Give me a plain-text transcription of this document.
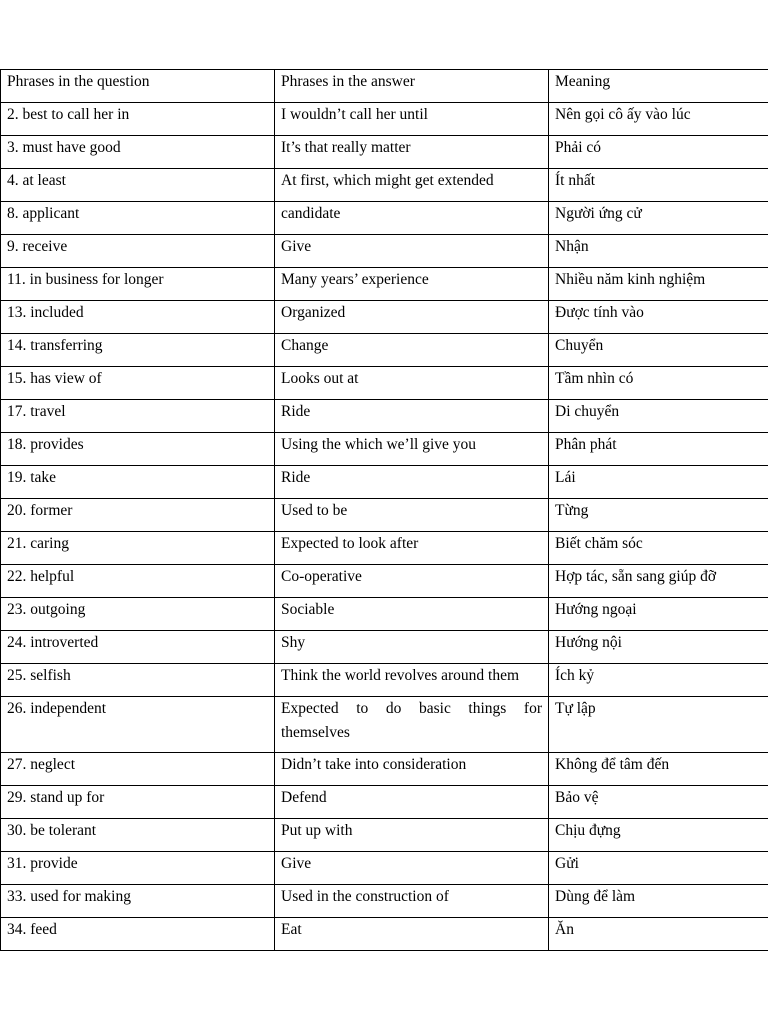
Phrases in the question	Phrases in the answer	Meaning
2. best to call her in	I wouldn’t call her until	Nên gọi cô ấy vào lúc
3. must have good	It’s that really matter	Phải có
4. at least	At first, which might get extended	Ít nhất
8. applicant	candidate	Người ứng cử
9. receive	Give	Nhận
11. in business for longer	Many years’ experience	Nhiều năm kinh nghiệm
13. included	Organized	Được tính vào
14. transferring	Change	Chuyển
15. has view of	Looks out at	Tầm nhìn có
17. travel	Ride	Di chuyển
18. provides	Using the which we’ll give you	Phân phát
19. take	Ride	Lái
20. former	Used to be	Từng
21. caring	Expected to look after	Biết chăm sóc
22. helpful	Co-operative	Hợp tác, sẵn sang giúp đỡ
23. outgoing	Sociable	Hướng ngoại
24. introverted	Shy	Hướng nội
25. selfish	Think the world revolves around them	Ích kỷ
26. independent	Expected to do basic things for themselves	Tự lập
27. neglect	Didn’t take into consideration	Không để tâm đến
29. stand up for	Defend	Bảo vệ
30. be tolerant	Put up with	Chịu đựng
31. provide	Give	Gửi
33. used for making	Used in the construction of	Dùng để làm
34. feed	Eat	Ăn
